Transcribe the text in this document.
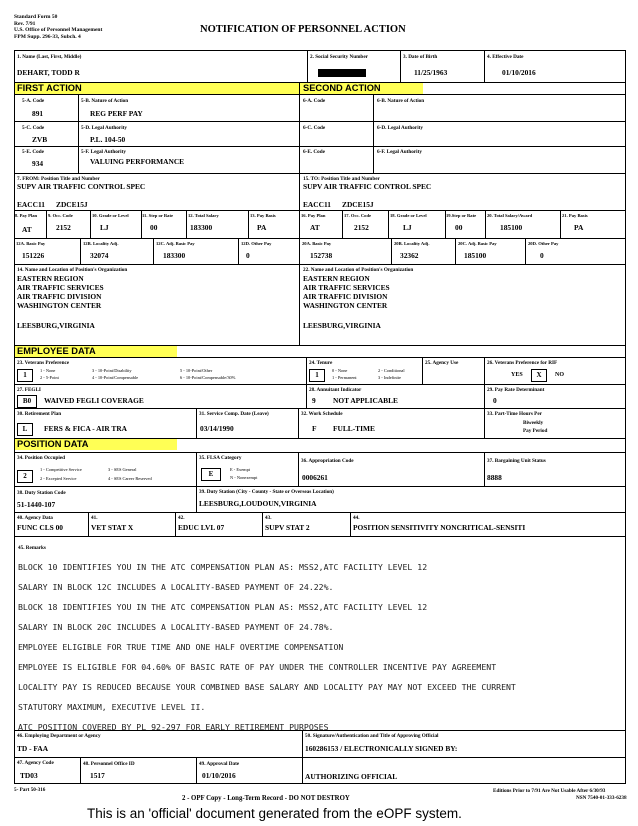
Standard Form 50
Rev. 7/91
U.S. Office of Personnel Management
FPM Supp. 296-33, Subch. 4
NOTIFICATION OF PERSONNEL ACTION
1. Name (Last, First, Middle)
DEHART, TODD R
2. Social Security Number
XXXXXXXXY
3. Date of Birth
11/25/1963
4. Effective Date
01/10/2016
FIRST ACTION	SECOND ACTION
5-A. Code
891
5-B. Nature of Action
REG PERF PAY
5-C. Code
ZVB
5-D. Legal Authority
P.L. 104-50
5-E. Code
934
5-F. Legal Authority
VALUING PERFORMANCE
6-A. Code	6-B. Nature of Action
6-C. Code	6-D. Legal Authority
6-E. Code	6-F. Legal Authority
7. FROM: Position Title and Number
SUPV AIR TRAFFIC CONTROL SPEC
EACC11      ZDCE15J
15. TO: Position Title and Number
SUPV AIR TRAFFIC CONTROL SPEC
EACC11      ZDCE15J
8. Pay Plan
AT
9. Occ. Code
2152
10. Grade or Level
LJ
11. Step or Rate
00
12. Total Salary
183300
13. Pay Basis
PA
16. Pay Plan
AT
17. Occ. Code
2152
18. Grade or Level
LJ
19.Step or Rate
00
20. Total Salary/Award
185100
21. Pay Basis
PA
12A. Basic Pay
151226
12B. Locality Adj.
32074
12C. Adj. Basic Pay
183300
12D. Other Pay
0
20A. Basic Pay
152738
20B. Locality Adj.
32362
20C. Adj. Basic Pay
185100
20D. Other Pay
0
14. Name and Location of Position's Organization
EASTERN REGION
AIR TRAFFIC SERVICES
AIR TRAFFIC DIVISION
WASHINGTON CENTER
LEESBURG,VIRGINIA
22. Name and Location of Position's Organization
EASTERN REGION
AIR TRAFFIC SERVICES
AIR TRAFFIC DIVISION
WASHINGTON CENTER
LEESBURG,VIRGINIA
EMPLOYEE DATA
23. Veterans Preference
1
1 - None
2 - 5-Point
3 - 10-Point/Disability
4 - 10-Point/Compensable
5 - 10-Point/Other
6 - 10-Point/Compensable/30%
24. Tenure
1
0 - None
1 - Permanent
2 - Conditional
3 - Indefinite
25. Agency Use	26. Veterans Preference for RIF
YES	X	NO
27. FEGLI
B0	WAIVED FEGLI COVERAGE
28. Annuitant Indicator
9 NOT APPLICABLE
29. Pay Rate Determinant
0
30. Retirement Plan
L	FERS & FICA - AIR TRA
31. Service Comp. Date (Leave)
03/14/1990
32. Work Schedule
F FULL-TIME
33. Part-Time Hours Per
Biweekly
Pay Period
POSITION DATA
34. Position Occupied
2
1 - Competitive Service
2 - Excepted Service
3 - SES General
4 - SES Career Reserved
35. FLSA Category
E
E - Exempt
N - Nonexempt
36. Appropriation Code
0006261
37. Bargaining Unit Status
8888
38. Duty Station Code
51-1440-107
39. Duty Station (City - County - State or Overseas Location)
LEESBURG,LOUDOUN,VIRGINIA
40. Agency Data
FUNC CLS 00
41.
VET STAT X
42.
EDUC LVL 07
43.
SUPV STAT 2
44.
POSITION SENSITIVITY NONCRITICAL-SENSITI
45. Remarks

BLOCK 10 IDENTIFIES YOU IN THE ATC COMPENSATION PLAN AS: MSS2,ATC FACILITY LEVEL 12

SALARY IN BLOCK 12C INCLUDES A LOCALITY-BASED PAYMENT OF 24.22%.

BLOCK 18 IDENTIFIES YOU IN THE ATC COMPENSATION PLAN AS: MSS2,ATC FACILITY LEVEL 12

SALARY IN BLOCK 20C INCLUDES A LOCALITY-BASED PAYMENT OF 24.78%.

EMPLOYEE ELIGIBLE FOR TRUE TIME AND ONE HALF OVERTIME COMPENSATION

EMPLOYEE IS ELIGIBLE FOR 04.60% OF BASIC RATE OF PAY UNDER THE CONTROLLER INCENTIVE PAY AGREEMENT

LOCALITY PAY IS REDUCED BECAUSE YOUR COMBINED BASE SALARY AND LOCALITY PAY MAY NOT EXCEED THE CURRENT

STATUTORY MAXIMUM, EXECUTIVE LEVEL II.

ATC POSITION COVERED BY PL 92-297 FOR EARLY RETIREMENT PURPOSES

46. Employing Department or Agency
TD - FAA
50. Signature/Authentication and Title of Approving Official
160286153 / ELECTRONICALLY SIGNED BY:
47. Agency Code
TD03
48. Personnel Office ID
1517
49. Approval Date
01/10/2016	AUTHORIZING OFFICIAL
5- Part 50-316
2 - OPF Copy - Long-Term Record - DO NOT DESTROY
Editions Prior to 7/91 Are Not Usable After 6/30/93
NSN 7540-01-333-6238
This is an 'official' document generated from the eOPF system.
